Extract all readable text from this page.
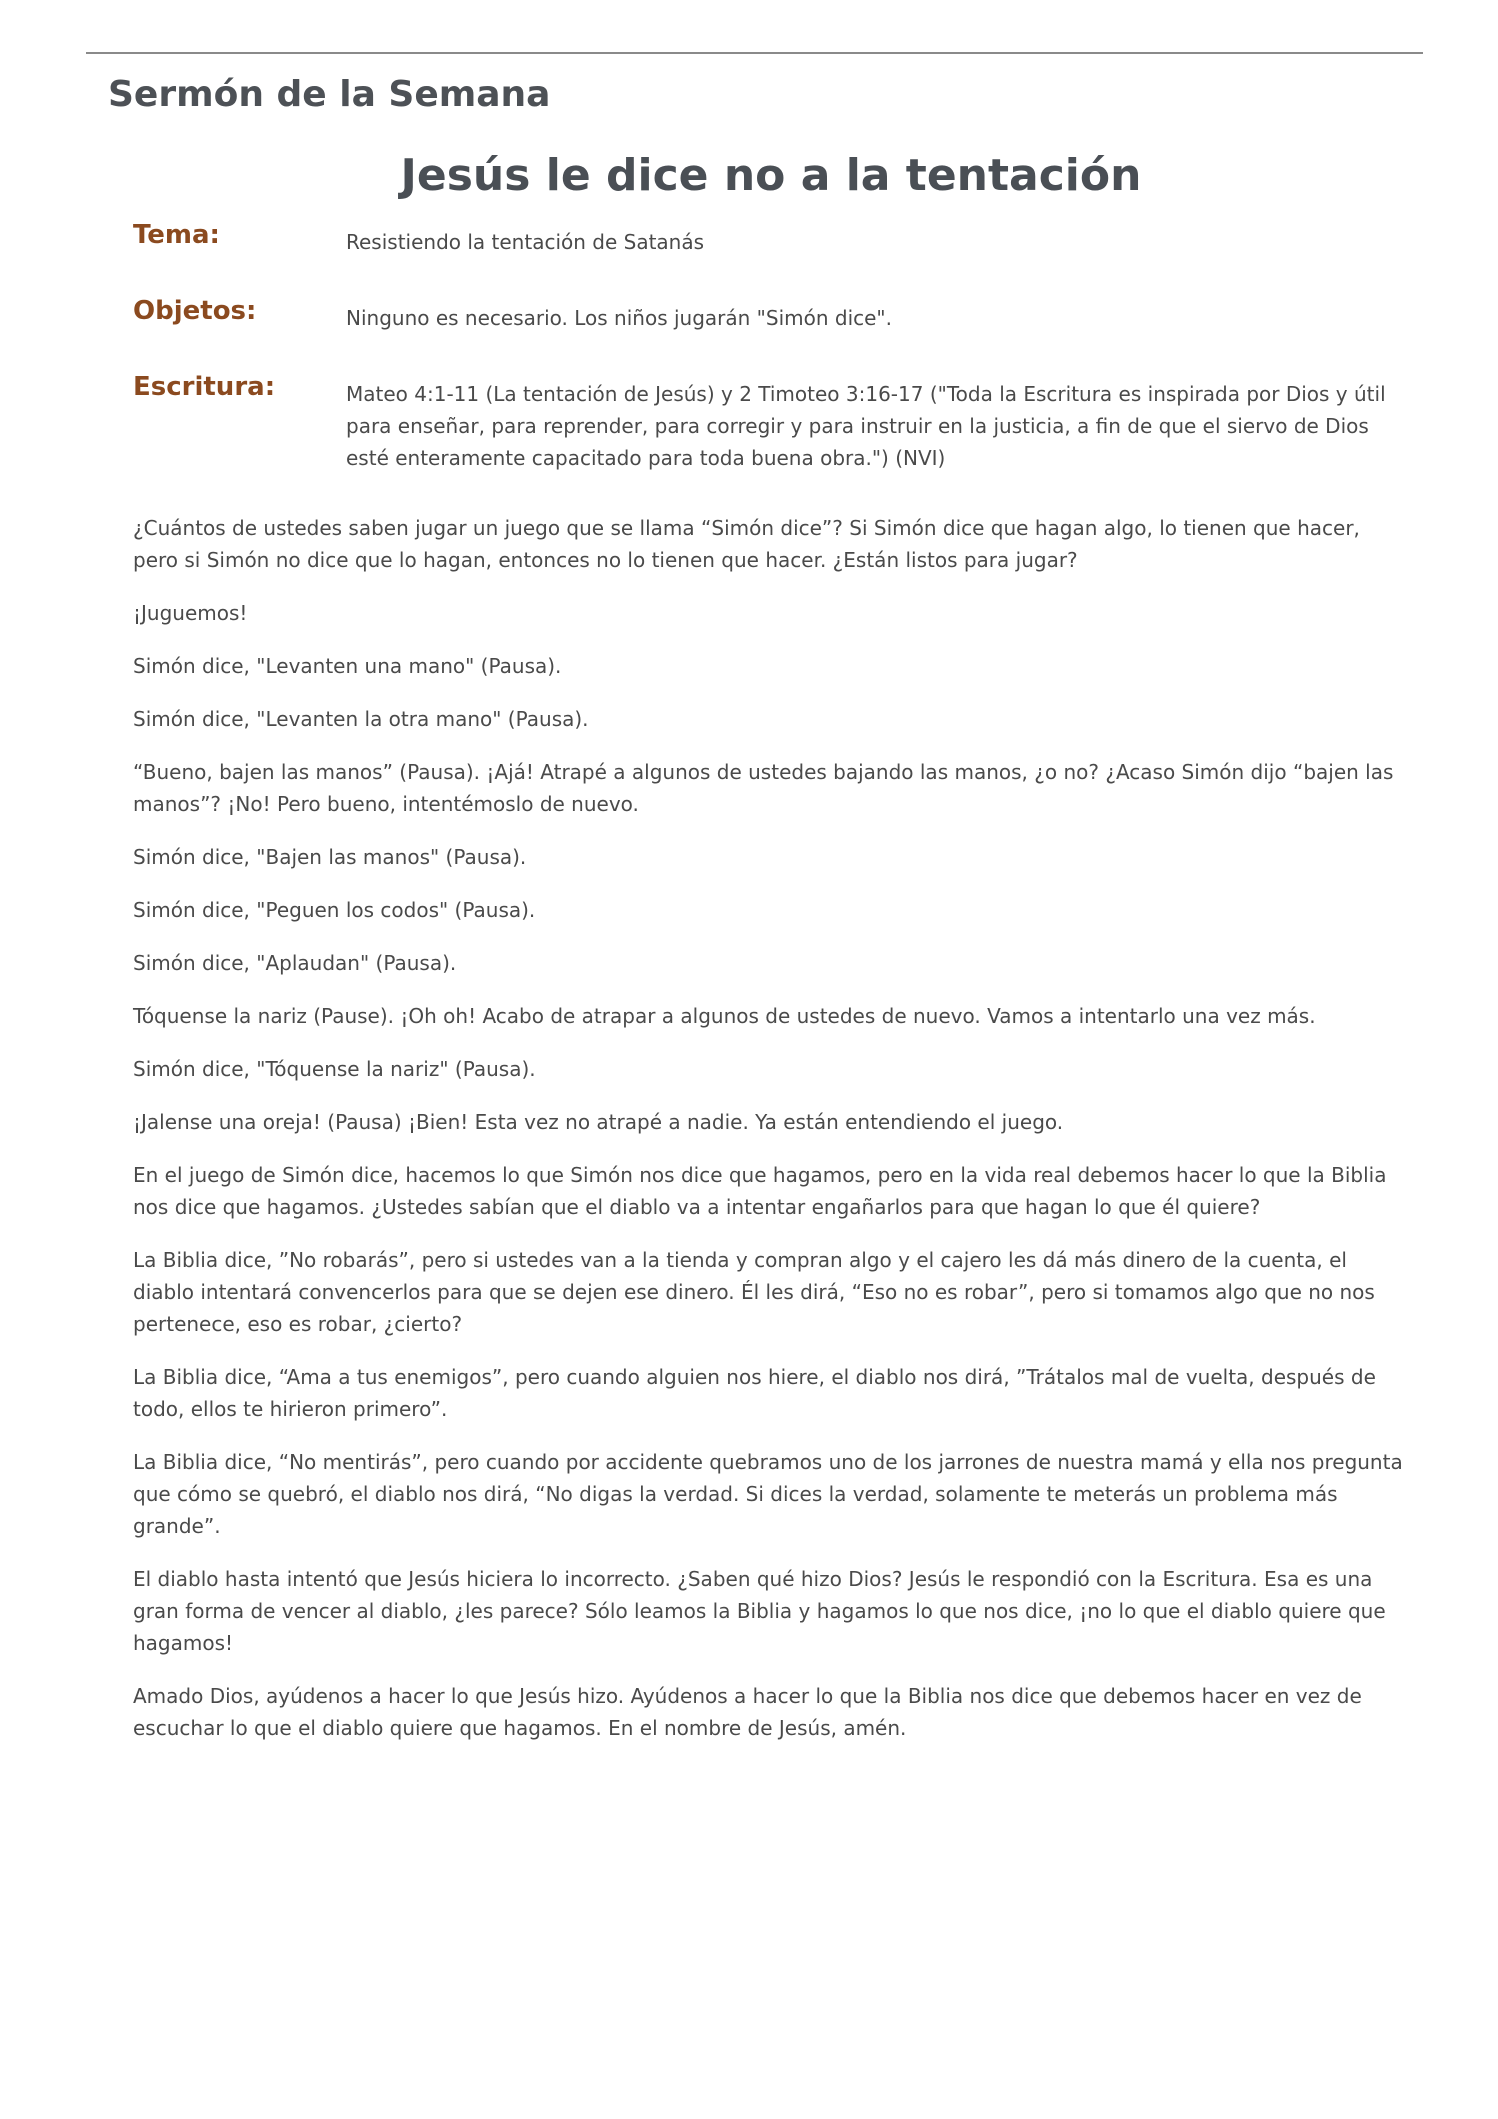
Sermón de la Semana
Jesús le dice no a la tentación
Tema:	Resistiendo la tentación de Satanás
Objetos:	Ninguno es necesario. Los niños jugarán "Simón dice".
Escritura:	Mateo 4:1-11 (La tentación de Jesús) y 2 Timoteo 3:16-17 ("Toda la Escritura es inspirada por Dios y útil para enseñar, para reprender, para corregir y para instruir en la justicia, a fin de que el siervo de Dios esté enteramente capacitado para toda buena obra.") (NVI)

¿Cuántos de ustedes saben jugar un juego que se llama “Simón dice”? Si Simón dice que hagan algo, lo tienen que hacer, pero si Simón no dice que lo hagan, entonces no lo tienen que hacer. ¿Están listos para jugar?

¡Juguemos!

Simón dice, "Levanten una mano" (Pausa).

Simón dice, "Levanten la otra mano" (Pausa).

“Bueno, bajen las manos” (Pausa). ¡Ajá! Atrapé a algunos de ustedes bajando las manos, ¿o no? ¿Acaso Simón dijo “bajen las manos”? ¡No! Pero bueno, intentémoslo de nuevo.

Simón dice, "Bajen las manos" (Pausa).

Simón dice, "Peguen los codos" (Pausa).

Simón dice, "Aplaudan" (Pausa).

Tóquense la nariz (Pause). ¡Oh oh! Acabo de atrapar a algunos de ustedes de nuevo. Vamos a intentarlo una vez más.

Simón dice, "Tóquense la nariz" (Pausa).

¡Jalense una oreja! (Pausa) ¡Bien! Esta vez no atrapé a nadie. Ya están entendiendo el juego.

En el juego de Simón dice, hacemos lo que Simón nos dice que hagamos, pero en la vida real debemos hacer lo que la Biblia nos dice que hagamos. ¿Ustedes sabían que el diablo va a intentar engañarlos para que hagan lo que él quiere?

La Biblia dice, ”No robarás”, pero si ustedes van a la tienda y compran algo y el cajero les dá más dinero de la cuenta, el diablo intentará convencerlos para que se dejen ese dinero. Él les dirá, “Eso no es robar”, pero si tomamos algo que no nos pertenece, eso es robar, ¿cierto?

La Biblia dice, “Ama a tus enemigos”, pero cuando alguien nos hiere, el diablo nos dirá, ”Trátalos mal de vuelta, después de todo, ellos te hirieron primero”.

La Biblia dice, “No mentirás”, pero cuando por accidente quebramos uno de los jarrones de nuestra mamá y ella nos pregunta que cómo se quebró, el diablo nos dirá, “No digas la verdad. Si dices la verdad, solamente te meterás un problema más grande”.

El diablo hasta intentó que Jesús hiciera lo incorrecto. ¿Saben qué hizo Dios? Jesús le respondió con la Escritura. Esa es una gran forma de vencer al diablo, ¿les parece? Sólo leamos la Biblia y hagamos lo que nos dice, ¡no lo que el diablo quiere que hagamos!

Amado Dios, ayúdenos a hacer lo que Jesús hizo. Ayúdenos a hacer lo que la Biblia nos dice que debemos hacer en vez de escuchar lo que el diablo quiere que hagamos. En el nombre de Jesús, amén.
